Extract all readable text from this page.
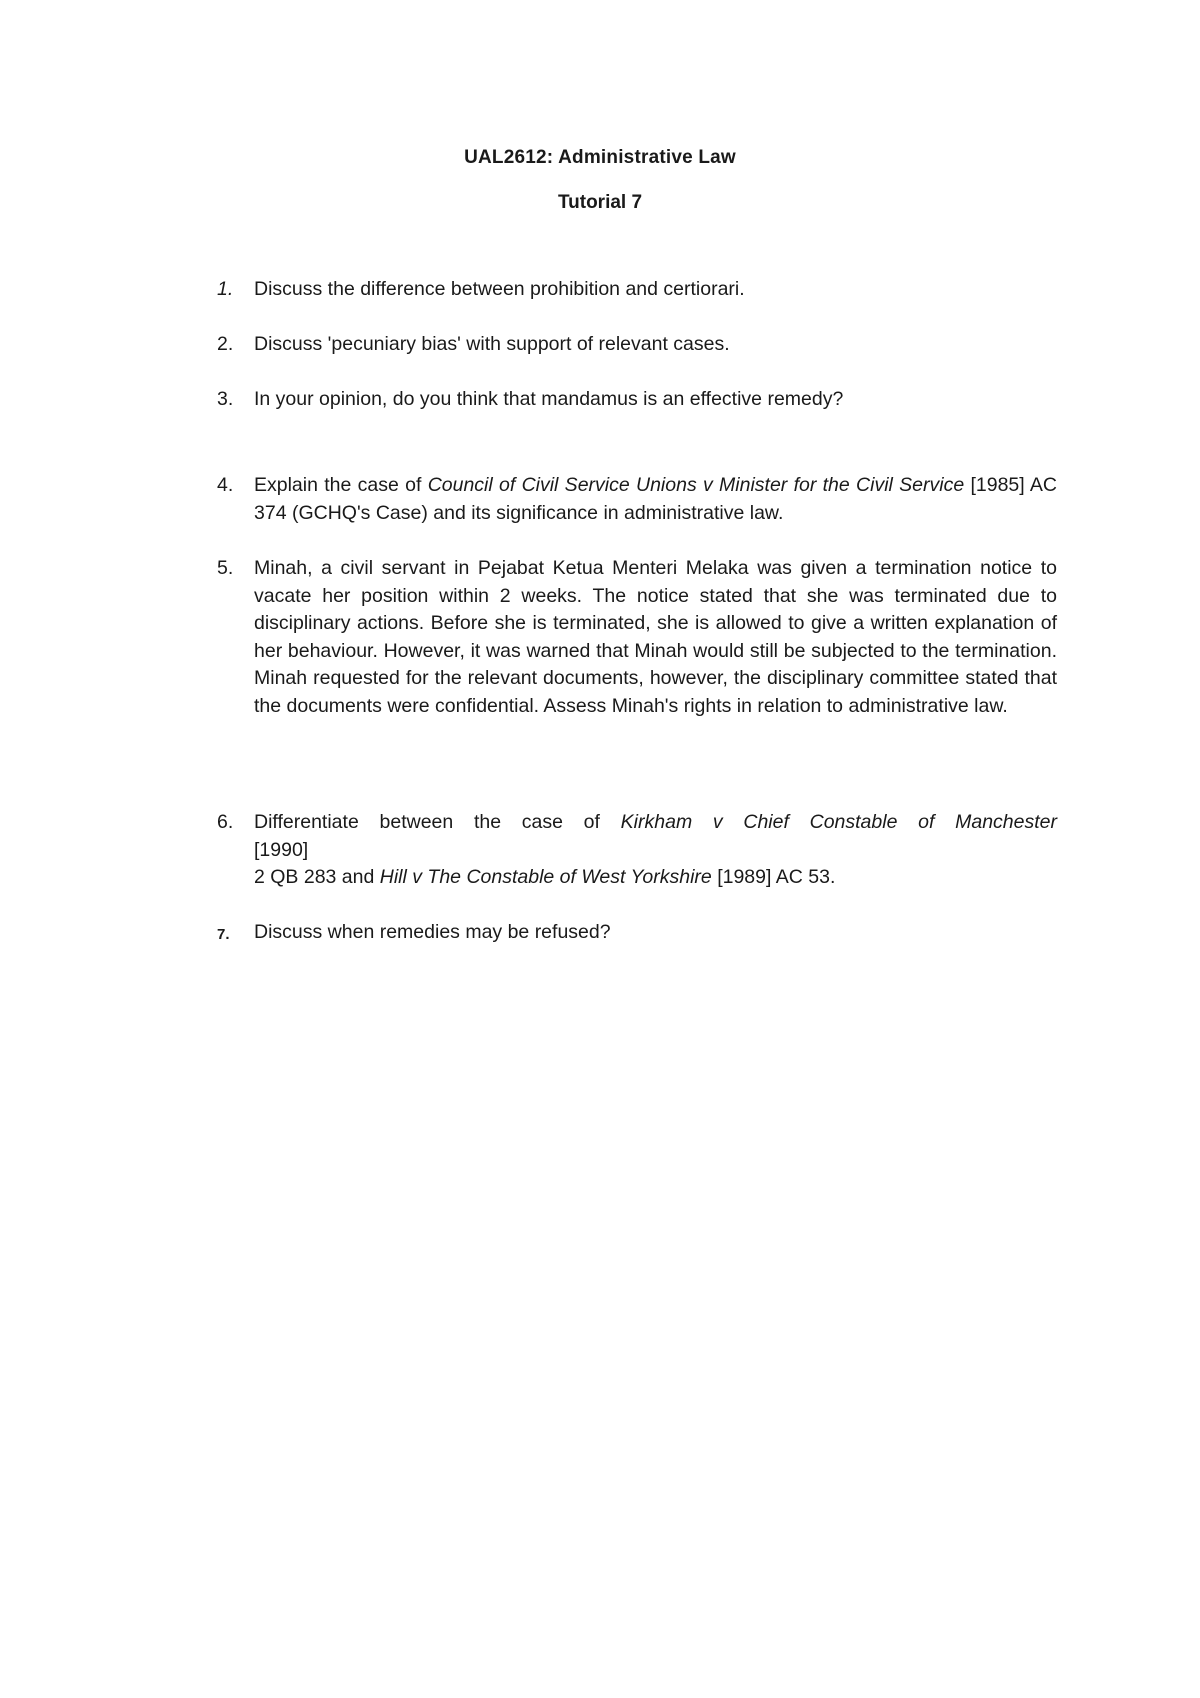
UAL2612: Administrative Law
Tutorial 7
1.	Discuss the difference between prohibition and certiorari.
2.	Discuss 'pecuniary bias' with support of relevant cases.
3.	In your opinion, do you think that mandamus is an effective remedy?
4.	Explain the case of Council of Civil Service Unions v Minister for the Civil Service [1985] AC 374 (GCHQ's Case) and its significance in administrative law.
5.	Minah, a civil servant in Pejabat Ketua Menteri Melaka was given a termination notice to vacate her position within 2 weeks. The notice stated that she was terminated due to disciplinary actions. Before she is terminated, she is allowed to give a written explanation of her behaviour. However, it was warned that Minah would still be subjected to the termination. Minah requested for the relevant documents, however, the disciplinary committee stated that the documents were confidential. Assess Minah's rights in relation to administrative law.
6.	Differentiate between the case of Kirkham v Chief Constable of Manchester
[1990]
2 QB 283 and Hill v The Constable of West Yorkshire [1989] AC 53.
7.	Discuss when remedies may be refused?
